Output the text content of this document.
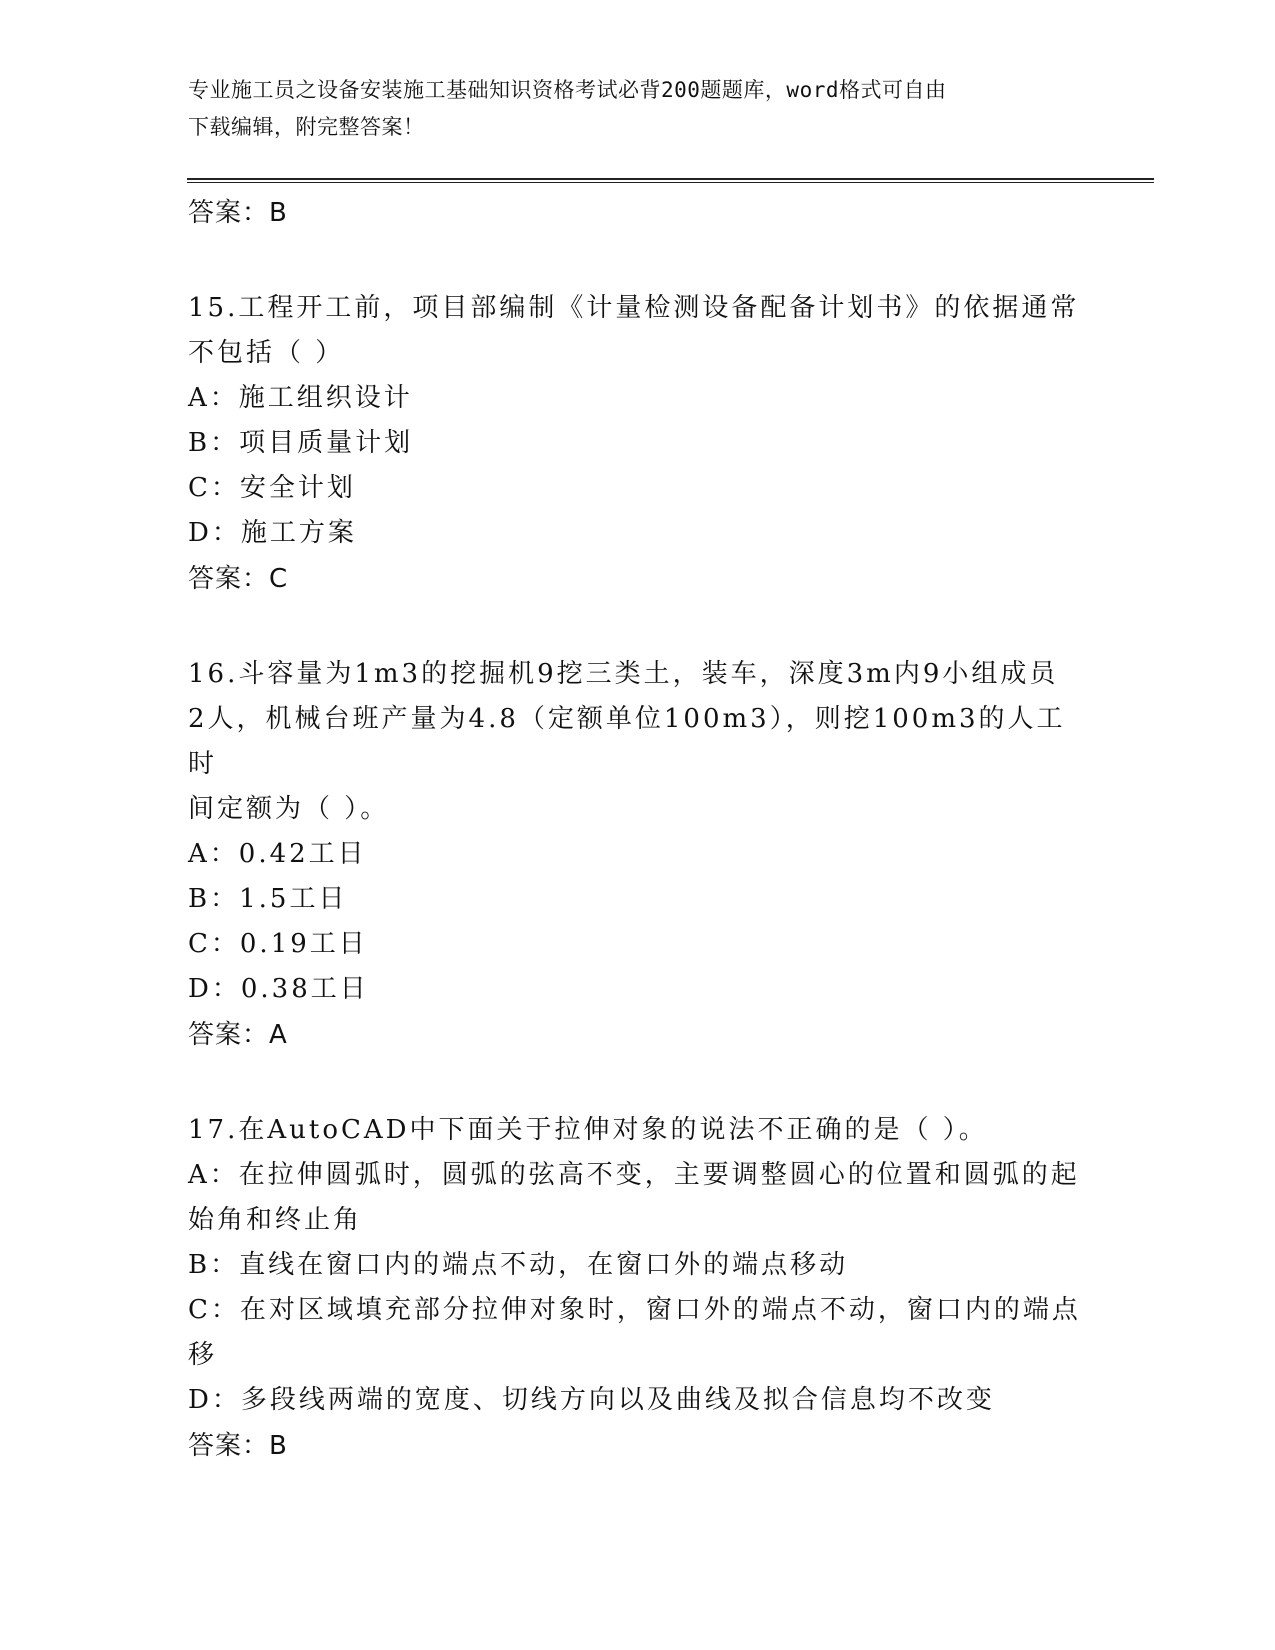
专业施工员之设备安装施工基础知识资格考试必背200题题库，word格式可自由
下载编辑，附完整答案！
答案：B
15.工程开工前，项目部编制《计量检测设备配备计划书》的依据通常
不包括（ ）
A：施工组织设计
B：项目质量计划
C：安全计划
D：施工方案
答案：C
16.斗容量为1m3的挖掘机9挖三类土，装车，深度3m内9小组成员
2人，机械台班产量为4.8（定额单位100m3），则挖100m3的人工时
间定额为（ ）。
A：0.42工日
B：1.5工日
C：0.19工日
D：0.38工日
答案：A
17.在AutoCAD中下面关于拉伸对象的说法不正确的是（ ）。
A：在拉伸圆弧时，圆弧的弦高不变，主要调整圆心的位置和圆弧的起
始角和终止角
B：直线在窗口内的端点不动，在窗口外的端点移动
C：在对区域填充部分拉伸对象时，窗口外的端点不动，窗口内的端点
移
D：多段线两端的宽度、切线方向以及曲线及拟合信息均不改变
答案：B
